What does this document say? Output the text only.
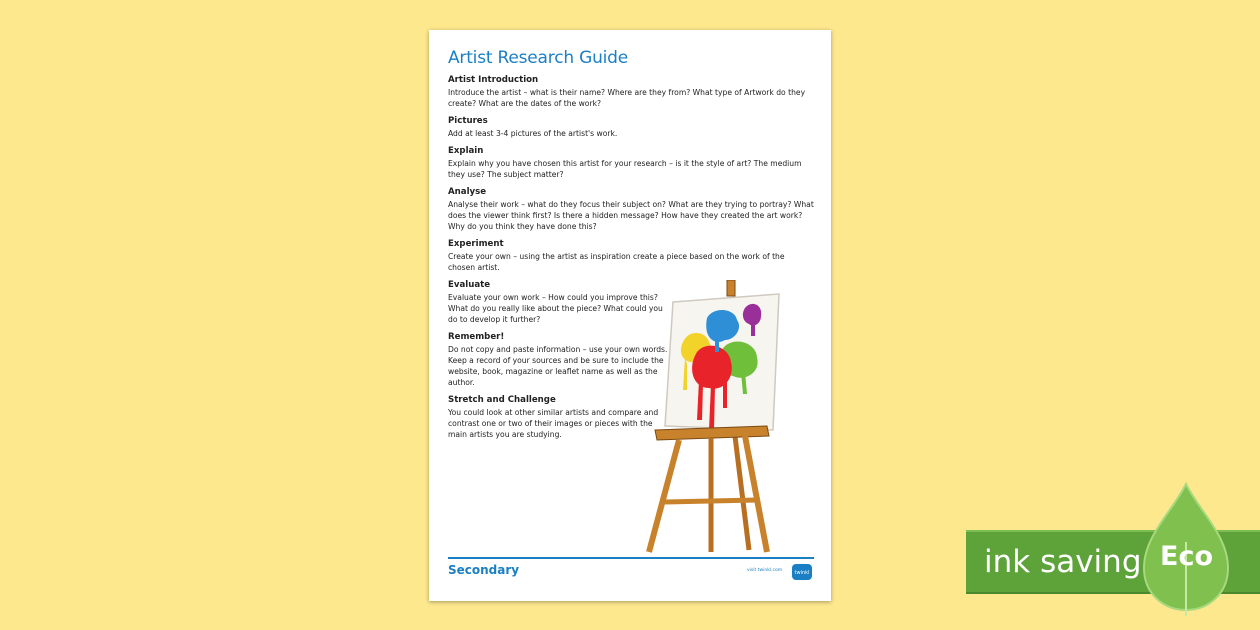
Artist Research Guide
Artist Introduction

Introduce the artist – what is their name? Where are they from? What type of Artwork do they create? What are the dates of the work?

Pictures

Add at least 3-4 pictures of the artist's work.

Explain

Explain why you have chosen this artist for your research – is it the style of art? The medium they use? The subject matter?

Analyse

Analyse their work – what do they focus their subject on? What are they trying to portray? What does the viewer think first? Is there a hidden message? How have they created the art work? Why do you think they have done this?

Experiment

Create your own – using the artist as inspiration create a piece based on the work of the chosen artist.

Evaluate

Evaluate your own work – How could you improve this? What do you really like about the piece? What could you do to develop it further?

Remember!

Do not copy and paste information – use your own words. Keep a record of your sources and be sure to include the website, book, magazine or leaflet name as well as the author.

Stretch and Challenge

You could look at other similar artists and compare and contrast one or two of their images or pieces with the main artists you are studying.

Secondary	visit twinkl.com twinkl	ink saving Eco
